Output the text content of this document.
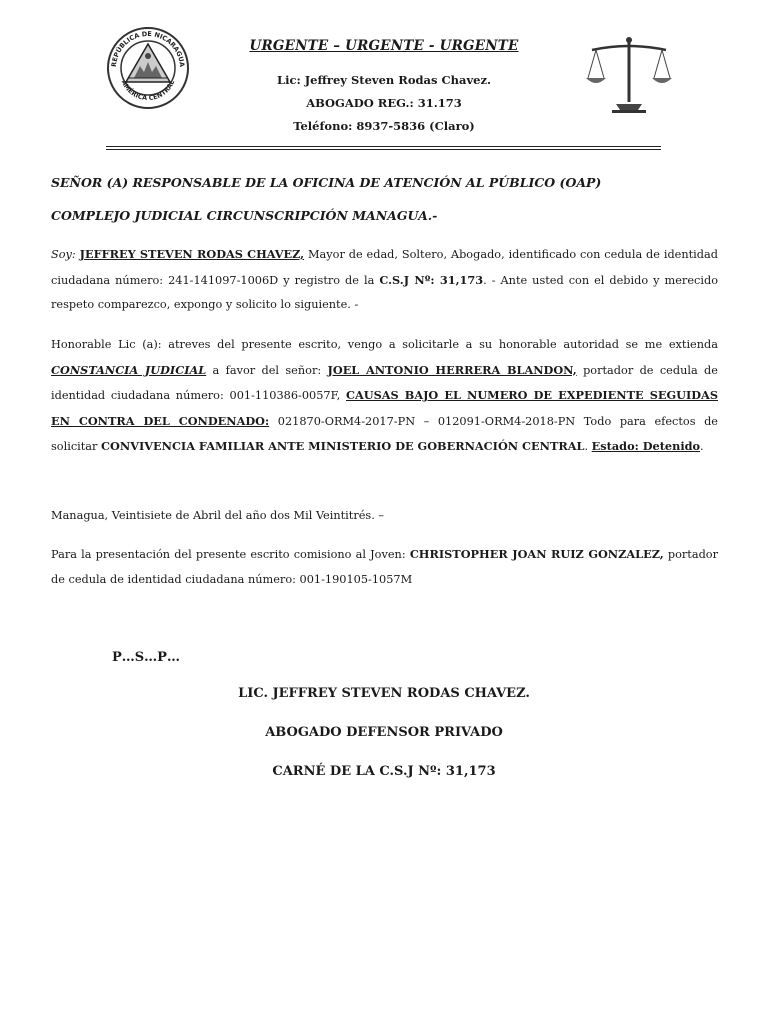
REPÚBLICA DE NICARAGUA
AMÉRICA CENTRAL
URGENTE – URGENTE - URGENTE
Lic: Jeffrey Steven Rodas Chavez.
ABOGADO REG.: 31.173
Teléfono: 8937-5836 (Claro)
SEÑOR (A) RESPONSABLE DE LA OFICINA DE ATENCIÓN AL PÚBLICO (OAP)
COMPLEJO JUDICIAL CIRCUNSCRIPCIÓN MANAGUA.-
Soy: JEFFREY STEVEN RODAS CHAVEZ, Mayor de edad, Soltero, Abogado, identificado con cedula de identidad ciudadana número: 241-141097-1006D y registro de la C.S.J Nº: 31,173. - Ante usted con el debido y merecido respeto comparezco, expongo y solicito lo siguiente. -
Honorable Lic (a): atreves del presente escrito, vengo a solicitarle a su honorable autoridad se me extienda CONSTANCIA JUDICIAL a favor del señor: JOEL ANTONIO HERRERA BLANDON, portador de cedula de identidad ciudadana número: 001-110386-0057F, CAUSAS BAJO EL NUMERO DE EXPEDIENTE SEGUIDAS EN CONTRA DEL CONDENADO: 021870-ORM4-2017-PN – 012091-ORM4-2018-PN Todo para efectos de solicitar CONVIVENCIA FAMILIAR ANTE MINISTERIO DE GOBERNACIÓN CENTRAL. Estado: Detenido.
Managua, Veintisiete de Abril del año dos Mil Veintitrés. –
Para la presentación del presente escrito comisiono al Joven: CHRISTOPHER JOAN RUIZ GONZALEZ, portador de cedula de identidad ciudadana número: 001-190105-1057M
P…S…P…
LIC. JEFFREY STEVEN RODAS CHAVEZ.
ABOGADO DEFENSOR PRIVADO
CARNÉ DE LA C.S.J Nº: 31,173
